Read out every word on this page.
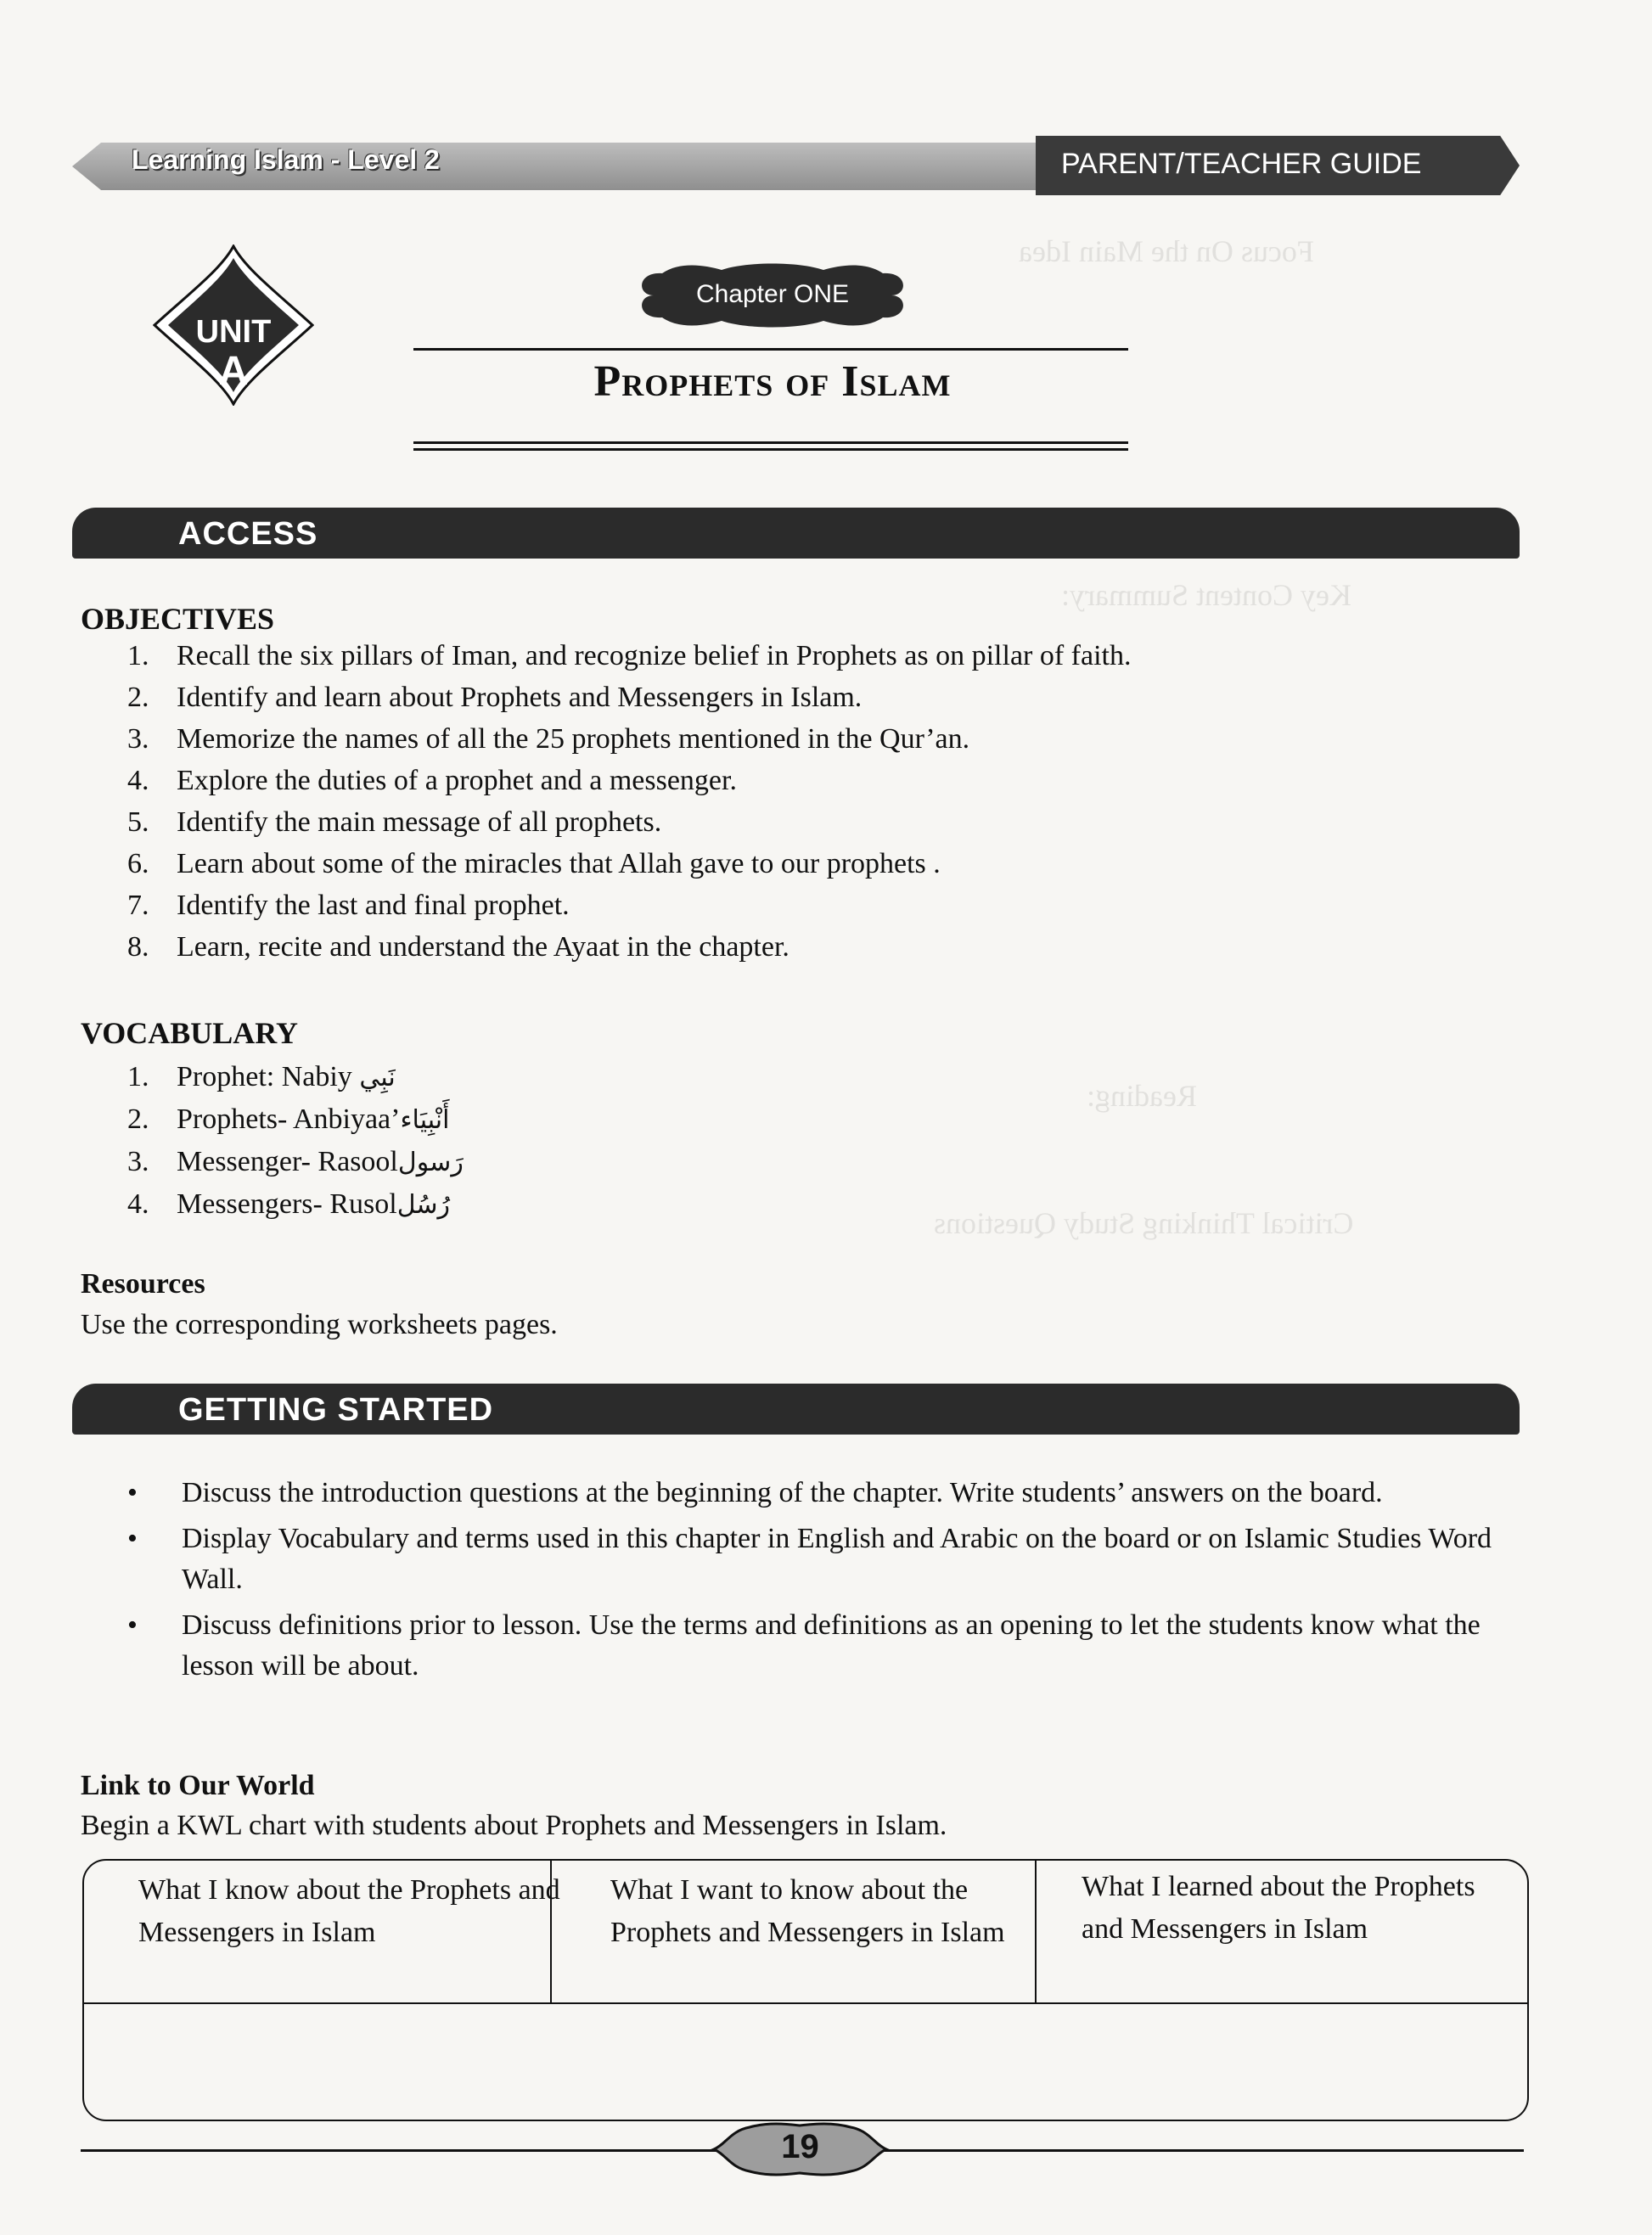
Focus On the Main Idea
Key Content Summary:
Reading:
Critical Thinking Study Questions
Learning Islam - Level 2	PARENT/TEACHER GUIDE
UNIT
A
Chapter ONE
Prophets of Islam
ACCESS
OBJECTIVES
1. Recall the six pillars of Iman, and recognize belief in Prophets as on pillar of faith.
2. Identify and learn about Prophets and Messengers in Islam.
3. Memorize the names of all the 25 prophets mentioned in the Qur’an.
4. Explore the duties of a prophet and a messenger.
5. Identify the main message of all prophets.
6. Learn about some of the miracles that Allah gave to our prophets .
7. Identify the last and final prophet.
8. Learn, recite and understand the Ayaat in the chapter.
VOCABULARY
1. Prophet: Nabiy نَبِي
2. Prophets- Anbiyaa’أَنْبِيَاء
3. Messenger- Rasoolرَسول
4. Messengers- Rusolرُسُل
Resources
Use the corresponding worksheets pages.
GETTING STARTED
• Discuss the introduction questions at the beginning of the chapter. Write students’ answers on the board.
• Display Vocabulary and terms used in this chapter in English and Arabic on the board or on Islamic Studies Word Wall.
• Discuss definitions prior to lesson. Use the terms and definitions as an opening to let the students know what the lesson will be about.
Link to Our World
Begin a KWL chart with students about Prophets and Messengers in Islam.
What I know about the Prophets and Messengers in Islam
What I want to know about the Prophets and Messengers in Islam
What I learned about the Prophets and Messengers in Islam
19
